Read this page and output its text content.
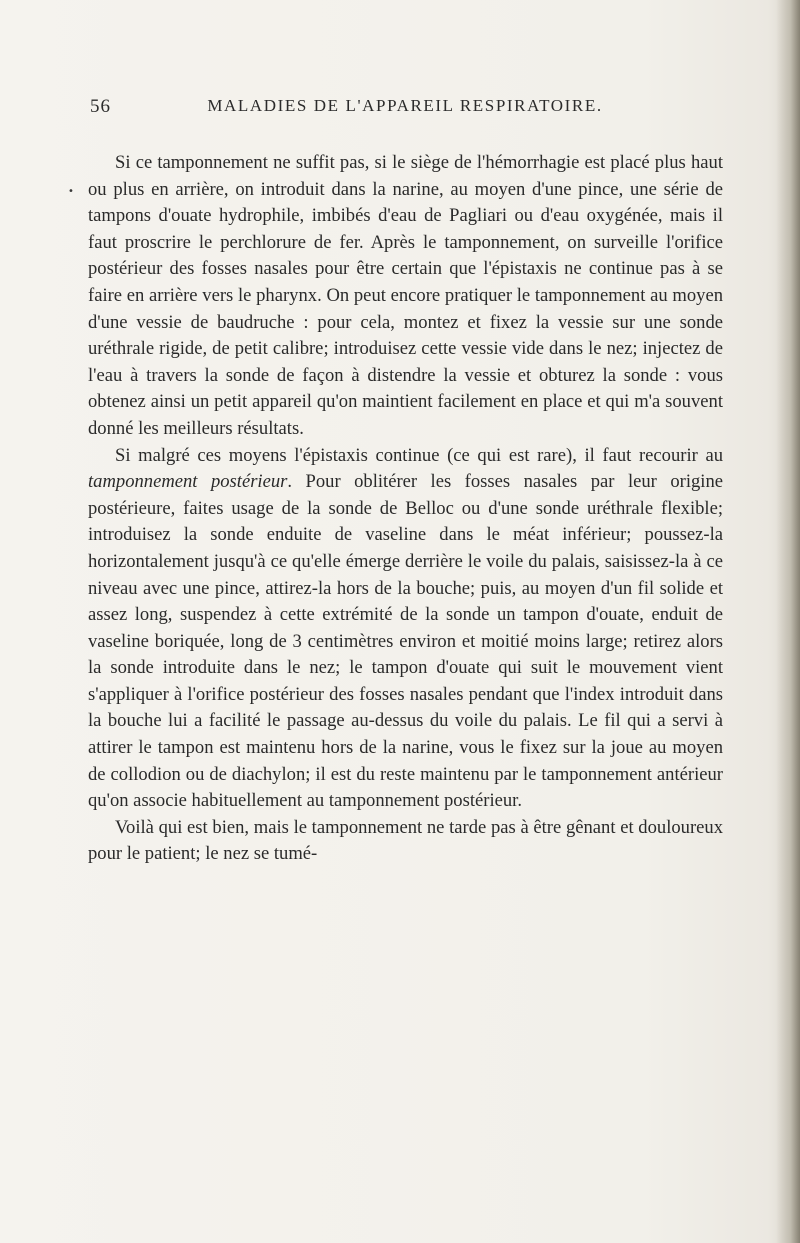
56	MALADIES DE L'APPAREIL RESPIRATOIRE.
•

Si ce tamponnement ne suffit pas, si le siège de l'hémorrhagie est placé plus haut ou plus en arrière, on introduit dans la narine, au moyen d'une pince, une série de tampons d'ouate hydrophile, imbibés d'eau de Pagliari ou d'eau oxygénée, mais il faut proscrire le perchlorure de fer. Après le tamponnement, on surveille l'orifice postérieur des fosses nasales pour être certain que l'épistaxis ne continue pas à se faire en arrière vers le pharynx. On peut encore pratiquer le tamponnement au moyen d'une vessie de baudruche : pour cela, montez et fixez la vessie sur une sonde uréthrale rigide, de petit calibre; introduisez cette vessie vide dans le nez; injectez de l'eau à travers la sonde de façon à distendre la vessie et obturez la sonde : vous obtenez ainsi un petit appareil qu'on maintient facilement en place et qui m'a souvent donné les meilleurs résultats.

Si malgré ces moyens l'épistaxis continue (ce qui est rare), il faut recourir au tamponnement postérieur. Pour oblitérer les fosses nasales par leur origine postérieure, faites usage de la sonde de Belloc ou d'une sonde uréthrale flexible; introduisez la sonde enduite de vaseline dans le méat inférieur; poussez-la horizontalement jusqu'à ce qu'elle émerge derrière le voile du palais, saisissez-la à ce niveau avec une pince, attirez-la hors de la bouche; puis, au moyen d'un fil solide et assez long, suspendez à cette extrémité de la sonde un tampon d'ouate, enduit de vaseline boriquée, long de 3 centimètres environ et moitié moins large; retirez alors la sonde introduite dans le nez; le tampon d'ouate qui suit le mouvement vient s'appliquer à l'orifice postérieur des fosses nasales pendant que l'index introduit dans la bouche lui a facilité le passage au-dessus du voile du palais. Le fil qui a servi à attirer le tampon est maintenu hors de la narine, vous le fixez sur la joue au moyen de collodion ou de diachylon; il est du reste maintenu par le tamponnement antérieur qu'on associe habituellement au tamponnement postérieur.

Voilà qui est bien, mais le tamponnement ne tarde pas à être gênant et douloureux pour le patient; le nez se tumé-
